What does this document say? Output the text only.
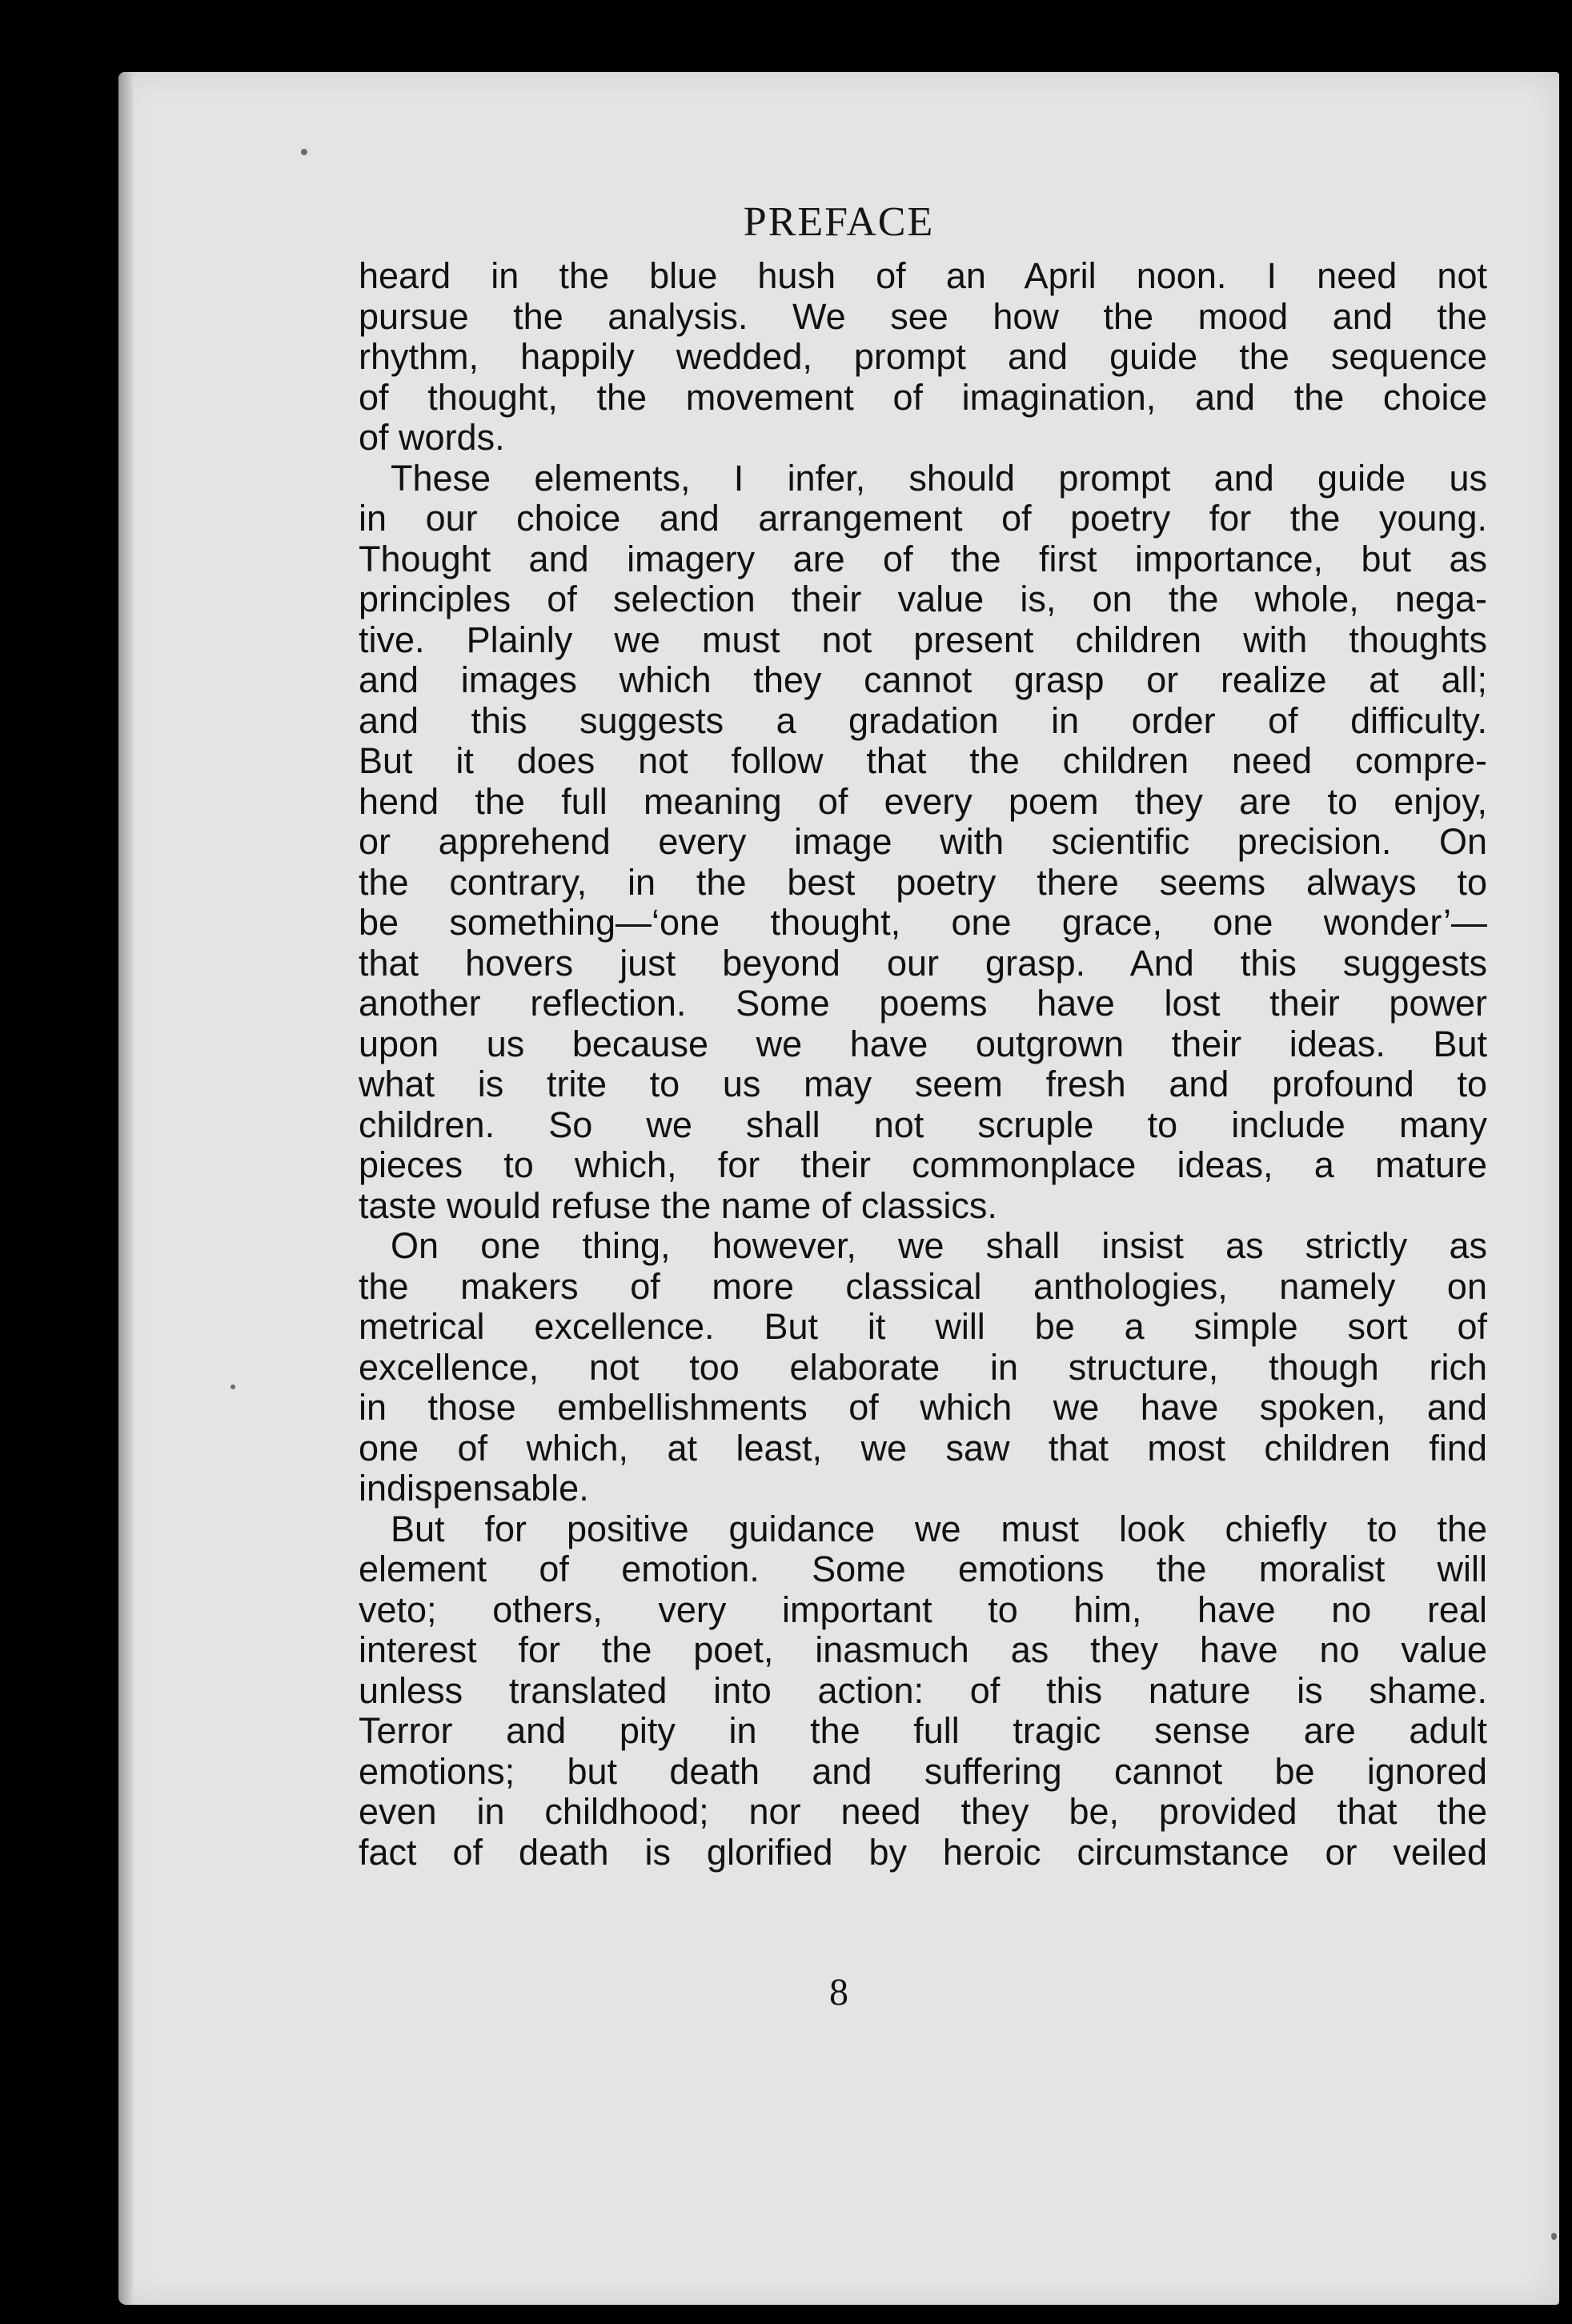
PREFACE
heard in the blue hush of an April noon. I need not
pursue the analysis. We see how the mood and the
rhythm, happily wedded, prompt and guide the sequence
of thought, the movement of imagination, and the choice
of words.
These elements, I infer, should prompt and guide us
in our choice and arrangement of poetry for the young.
Thought and imagery are of the first importance, but as
principles of selection their value is, on the whole, nega-
tive. Plainly we must not present children with thoughts
and images which they cannot grasp or realize at all;
and this suggests a gradation in order of difficulty.
But it does not follow that the children need compre-
hend the full meaning of every poem they are to enjoy,
or apprehend every image with scientific precision. On
the contrary, in the best poetry there seems always to
be something—‘one thought, one grace, one wonder’—
that hovers just beyond our grasp. And this suggests
another reflection. Some poems have lost their power
upon us because we have outgrown their ideas. But
what is trite to us may seem fresh and profound to
children. So we shall not scruple to include many
pieces to which, for their commonplace ideas, a mature
taste would refuse the name of classics.
On one thing, however, we shall insist as strictly as
the makers of more classical anthologies, namely on
metrical excellence. But it will be a simple sort of
excellence, not too elaborate in structure, though rich
in those embellishments of which we have spoken, and
one of which, at least, we saw that most children find
indispensable.
But for positive guidance we must look chiefly to the
element of emotion. Some emotions the moralist will
veto; others, very important to him, have no real
interest for the poet, inasmuch as they have no value
unless translated into action: of this nature is shame.
Terror and pity in the full tragic sense are adult
emotions; but death and suffering cannot be ignored
even in childhood; nor need they be, provided that the
fact of death is glorified by heroic circumstance or veiled
8
